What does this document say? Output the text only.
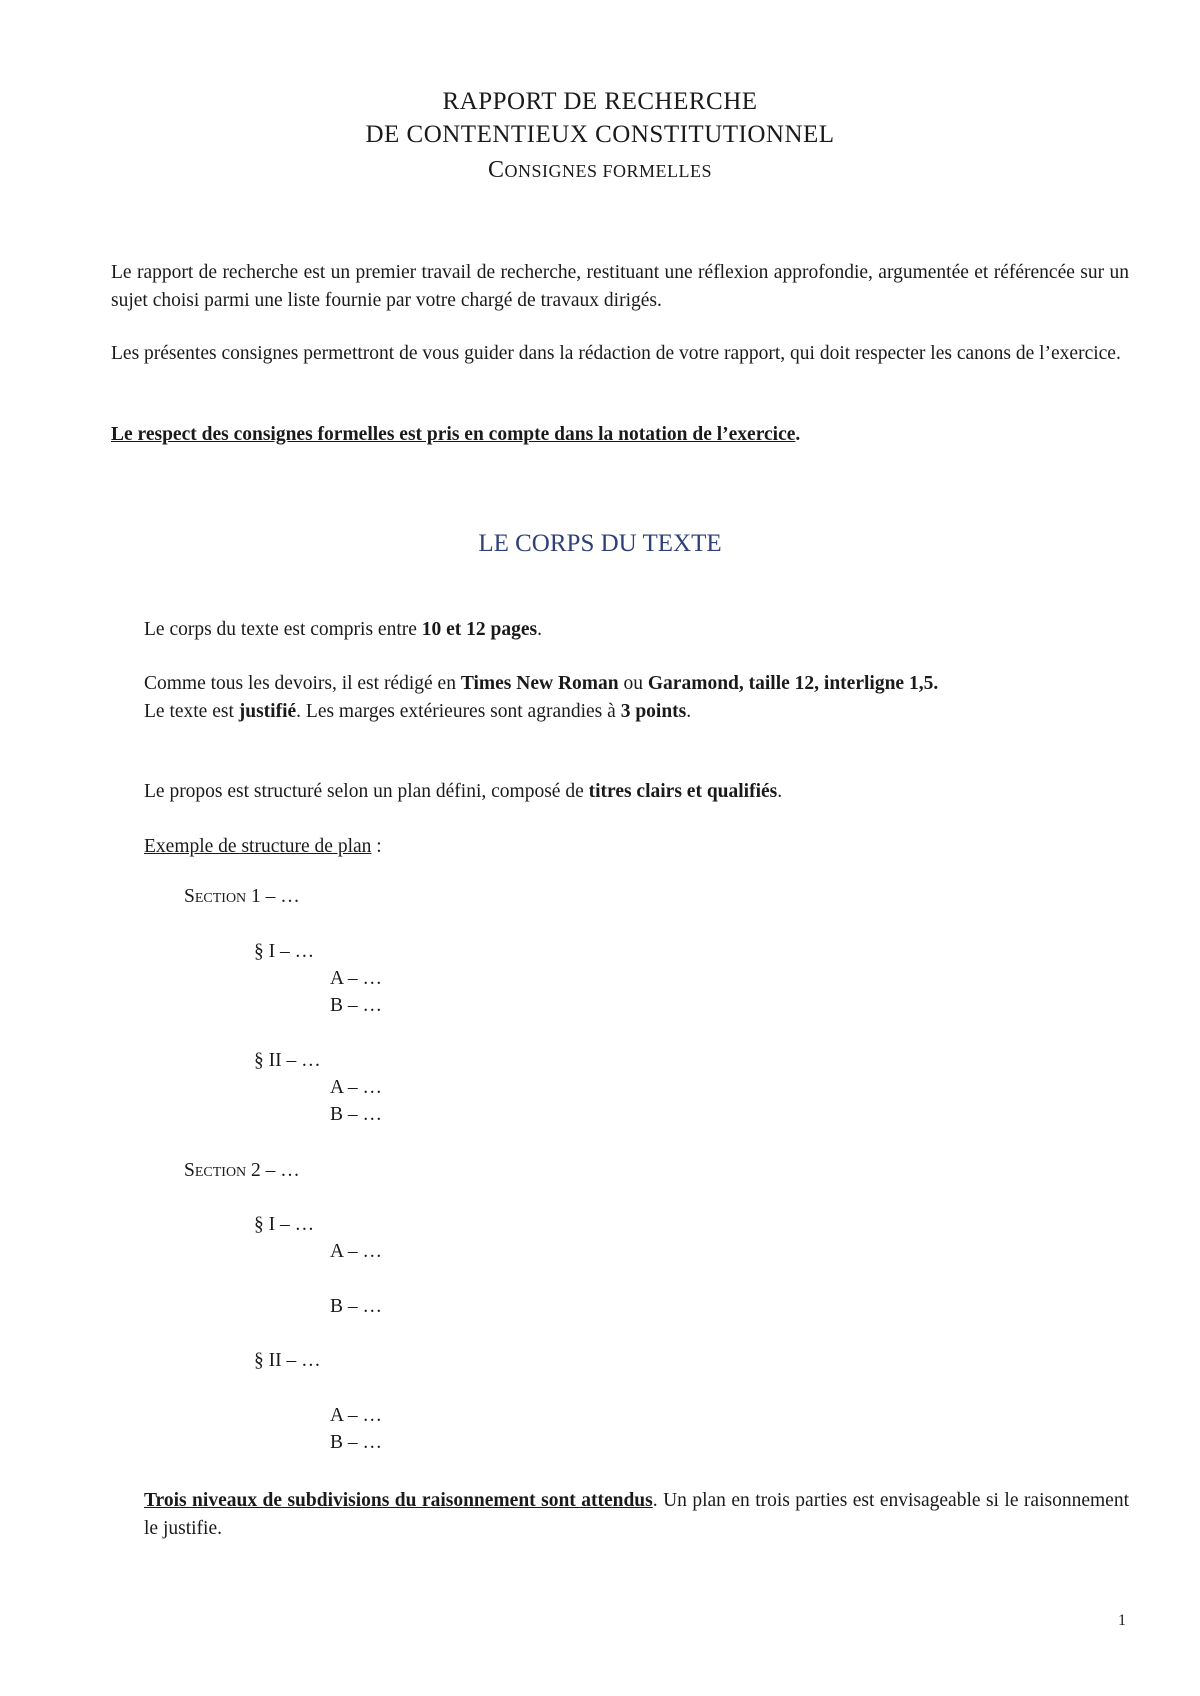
RAPPORT DE RECHERCHE
DE CONTENTIEUX CONSTITUTIONNEL
CONSIGNES FORMELLES
Le rapport de recherche est un premier travail de recherche, restituant une réflexion approfondie, argumentée et référencée sur un sujet choisi parmi une liste fournie par votre chargé de travaux dirigés.
Les présentes consignes permettront de vous guider dans la rédaction de votre rapport, qui doit respecter les canons de l’exercice.
Le respect des consignes formelles est pris en compte dans la notation de l’exercice.
LE CORPS DU TEXTE
Le corps du texte est compris entre 10 et 12 pages.
Comme tous les devoirs, il est rédigé en Times New Roman ou Garamond, taille 12, interligne 1,5.
Le texte est justifié. Les marges extérieures sont agrandies à 3 points.
Le propos est structuré selon un plan défini, composé de titres clairs et qualifiés.
Exemple de structure de plan :
Section 1 – …
§ I – …
A – …
B – …
§ II – …
A – …
B – …
Section 2 – …
§ I – …
A – …
B – …
§ II – …
A – …
B – …
Trois niveaux de subdivisions du raisonnement sont attendus. Un plan en trois parties est envisageable si le raisonnement le justifie.
1
